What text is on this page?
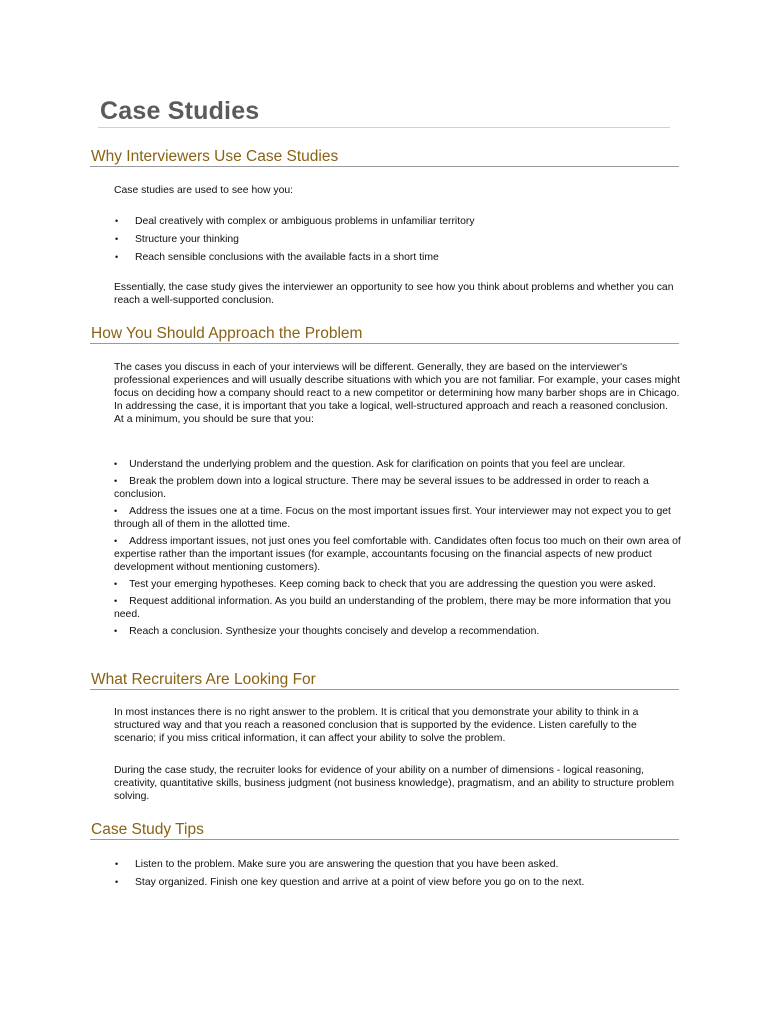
Case Studies
Why Interviewers Use Case Studies

Case studies are used to see how you:

• Deal creatively with complex or ambiguous problems in unfamiliar territory
• Structure your thinking
• Reach sensible conclusions with the available facts in a short time

Essentially, the case study gives the interviewer an opportunity to see how you think about problems and whether you can reach a well-supported conclusion.

How You Should Approach the Problem

The cases you discuss in each of your interviews will be different. Generally, they are based on the interviewer's professional experiences and will usually describe situations with which you are not familiar. For example, your cases might focus on deciding how a company should react to a new competitor or determining how many barber shops are in Chicago. In addressing the case, it is important that you take a logical, well-structured approach and reach a reasoned conclusion. At a minimum, you should be sure that you:

• Understand the underlying problem and the question. Ask for clarification on points that you feel are unclear.
• Break the problem down into a logical structure. There may be several issues to be addressed in order to reach a conclusion.
• Address the issues one at a time. Focus on the most important issues first. Your interviewer may not expect you to get through all of them in the allotted time.
• Address important issues, not just ones you feel comfortable with. Candidates often focus too much on their own area of expertise rather than the important issues (for example, accountants focusing on the financial aspects of new product development without mentioning customers).
• Test your emerging hypotheses. Keep coming back to check that you are addressing the question you were asked.
• Request additional information. As you build an understanding of the problem, there may be more information that you need.
• Reach a conclusion. Synthesize your thoughts concisely and develop a recommendation.
What Recruiters Are Looking For

In most instances there is no right answer to the problem. It is critical that you demonstrate your ability to think in a structured way and that you reach a reasoned conclusion that is supported by the evidence. Listen carefully to the scenario; if you miss critical information, it can affect your ability to solve the problem.

During the case study, the recruiter looks for evidence of your ability on a number of dimensions - logical reasoning, creativity, quantitative skills, business judgment (not business knowledge), pragmatism, and an ability to structure problem solving.

Case Study Tips
• Listen to the problem. Make sure you are answering the question that you have been asked.
• Stay organized. Finish one key question and arrive at a point of view before you go on to the next.
